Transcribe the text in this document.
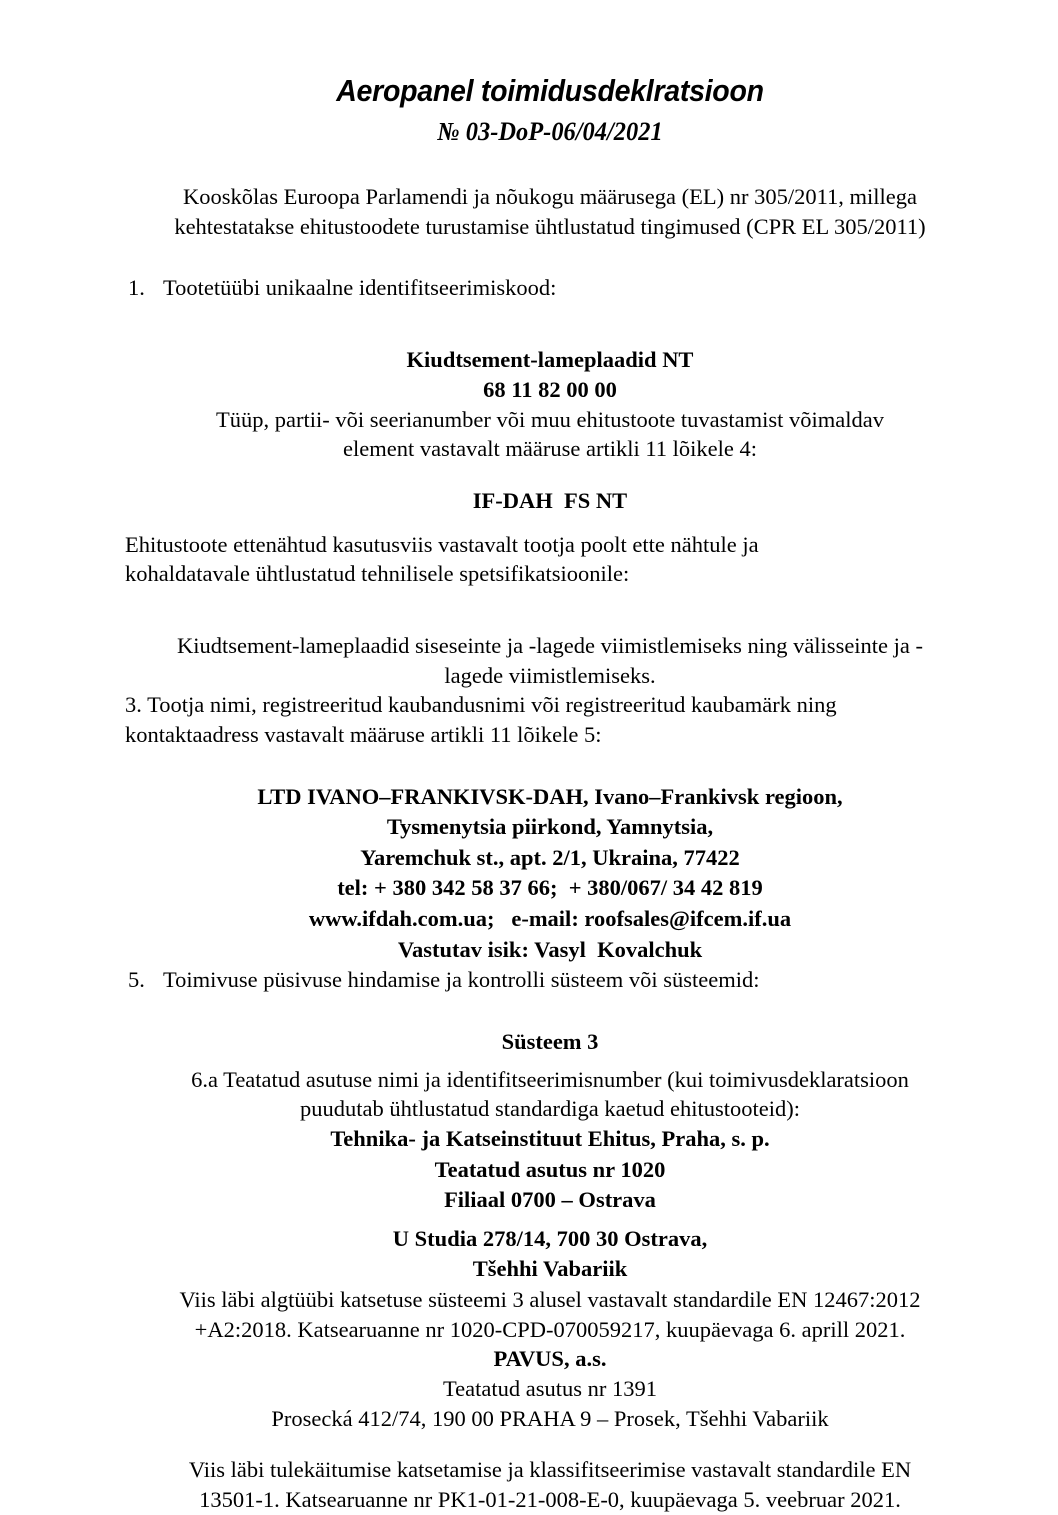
Aeropanel toimidusdeklratsioon
№ 03-DoP-06/04/2021
Kooskõlas Euroopa Parlamendi ja nõukogu määrusega (EL) nr 305/2011, millega
kehtestatakse ehitustoodete turustamise ühtlustatud tingimused (CPR EL 305/2011)
1. Tootetüübi unikaalne identifitseerimiskood:
Kiudtsement-lameplaadid NT
68 11 82 00 00
Tüüp, partii- või seerianumber või muu ehitustoote tuvastamist võimaldav
element vastavalt määruse artikli 11 lõikele 4:
IF-DAH  FS NT
Ehitustoote ettenähtud kasutusviis vastavalt tootja poolt ette nähtule ja
kohaldatavale ühtlustatud tehnilisele spetsifikatsioonile:
Kiudtsement-lameplaadid siseseinte ja -lagede viimistlemiseks ning välisseinte ja -
lagede viimistlemiseks.
3. Tootja nimi, registreeritud kaubandusnimi või registreeritud kaubamärk ning
kontaktaadress vastavalt määruse artikli 11 lõikele 5:
LTD IVANO–FRANKIVSK-DAH, Ivano–Frankivsk regioon,
Tysmenytsia piirkond, Yamnytsia,
Yaremchuk st., apt. 2/1, Ukraina, 77422
tel: + 380 342 58 37 66;  + 380/067/ 34 42 819
www.ifdah.com.ua;   e-mail: roofsales@ifcem.if.ua
Vastutav isik: Vasyl  Kovalchuk
5. Toimivuse püsivuse hindamise ja kontrolli süsteem või süsteemid:
Süsteem 3
6.a Teatatud asutuse nimi ja identifitseerimisnumber (kui toimivusdeklaratsioon
puudutab ühtlustatud standardiga kaetud ehitustooteid):
Tehnika- ja Katseinstituut Ehitus, Praha, s. p.
Teatatud asutus nr 1020
Filiaal 0700 – Ostrava
U Studia 278/14, 700 30 Ostrava,
Tšehhi Vabariik
Viis läbi algtüübi katsetuse süsteemi 3 alusel vastavalt standardile EN 12467:2012
+A2:2018. Katsearuanne nr 1020-CPD-070059217, kuupäevaga 6. aprill 2021.
PAVUS, a.s.
Teatatud asutus nr 1391
Prosecká 412/74, 190 00 PRAHA 9 – Prosek, Tšehhi Vabariik
Viis läbi tulekäitumise katsetamise ja klassifitseerimise vastavalt standardile EN
13501-1. Katsearuanne nr PK1-01-21-008-E-0, kuupäevaga 5. veebruar 2021.
